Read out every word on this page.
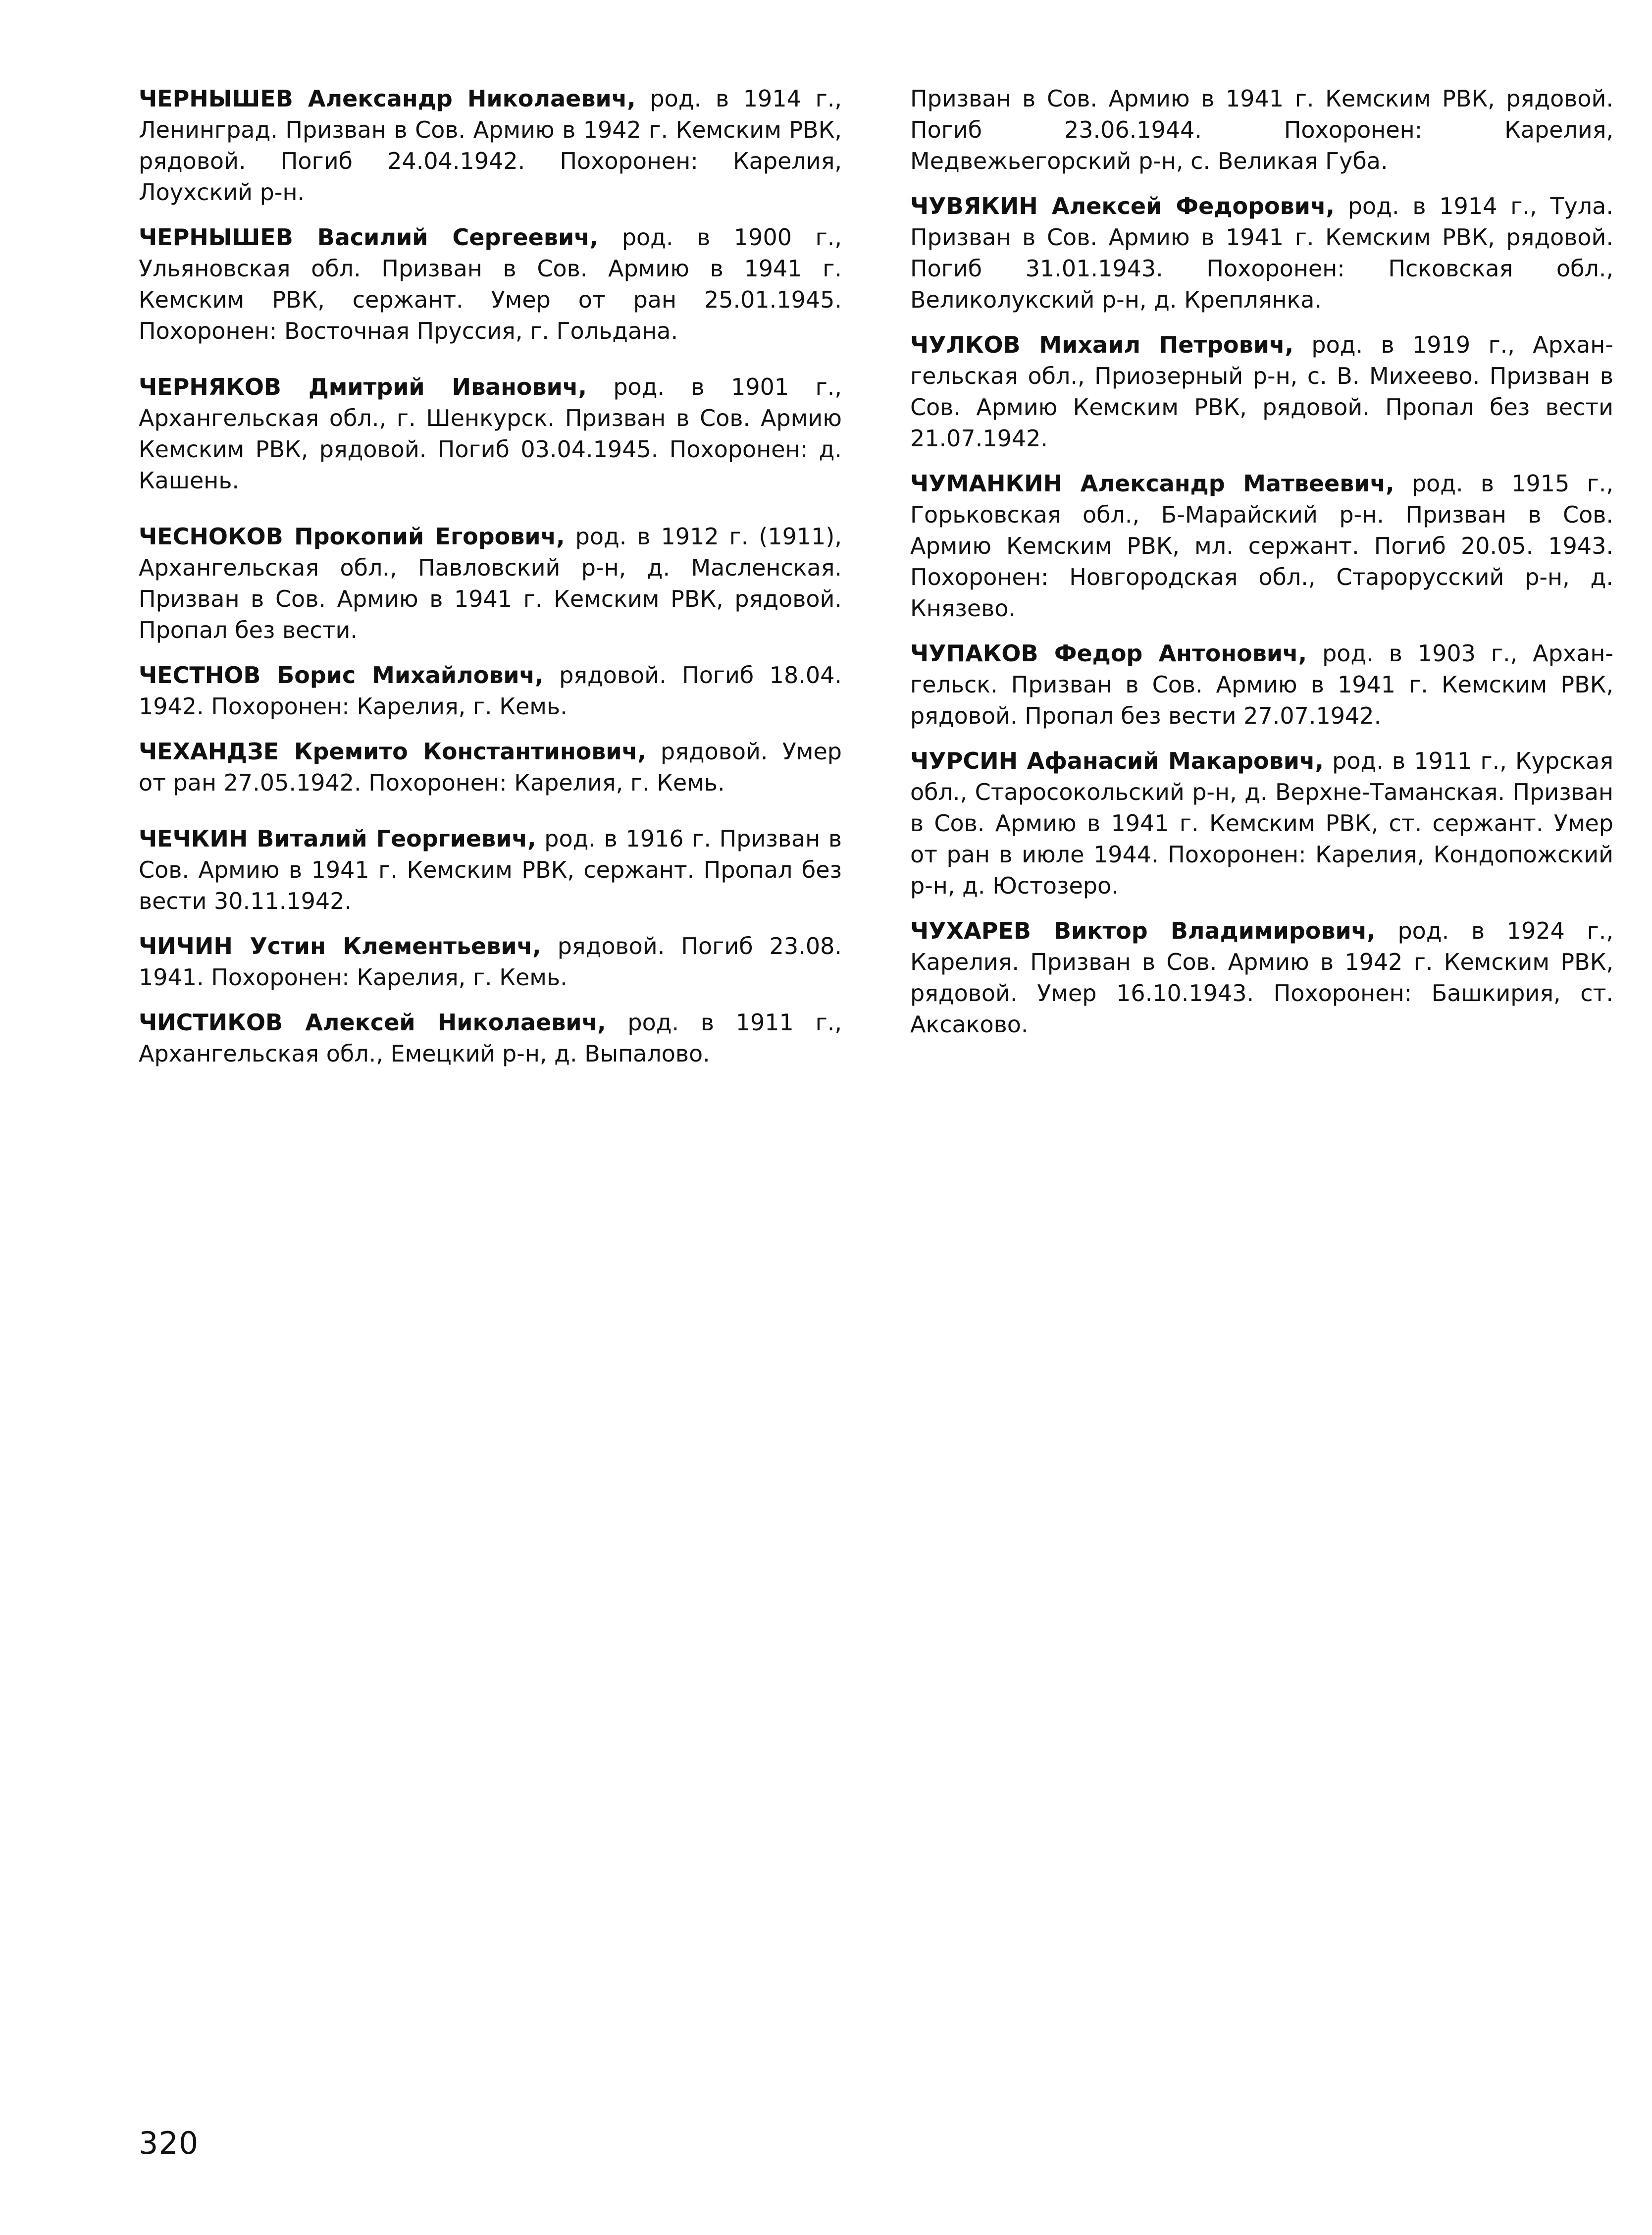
ЧЕРНЫШЕВ Александр Николаевич, род. в 1914 г., Ленинград. Призван в Сов. Армию в 1942 г. Кемским РВК, рядовой. Погиб 24.04.1942. Похоронен: Карелия, Лоухский р-н.

ЧЕРНЫШЕВ Василий Сергеевич, род. в 1900 г., Ульяновская обл. Призван в Сов. Армию в 1941 г. Кемским РВК, сержант. Умер от ран 25.01.1945. Похоронен: Восточная Пруссия, г. Гольдана.

ЧЕРНЯКОВ Дмитрий Иванович, род. в 1901 г., Архангельская обл., г. Шенкурск. Призван в Сов. Армию Кемским РВК, рядовой. Погиб 03.04.1945. Похоронен: д. Кашень.

ЧЕСНОКОВ Прокопий Егорович, род. в 1912 г. (1911), Архангельская обл., Павловский р-н, д. Масленская. Призван в Сов. Армию в 1941 г. Кемским РВК, рядовой. Пропал без вести.

ЧЕСТНОВ Борис Михайлович, рядовой. Погиб 18.04. 1942. Похоронен: Карелия, г. Кемь.

ЧЕХАНДЗЕ Кремито Константинович, рядовой. Умер от ран 27.05.1942. Похоронен: Карелия, г. Кемь.

ЧЕЧКИН Виталий Георгиевич, род. в 1916 г. Призван в Сов. Армию в 1941 г. Кемским РВК, сержант. Пропал без вести 30.11.1942.

ЧИЧИН Устин Клементьевич, рядовой. Погиб 23.08. 1941. Похоронен: Карелия, г. Кемь.

ЧИСТИКОВ Алексей Николаевич, род. в 1911 г., Архангельская обл., Емецкий р-н, д. Выпалово.

Призван в Сов. Армию в 1941 г. Кемским РВК, рядовой. Погиб 23.06.1944. Похоронен: Карелия, Медвежьегорский р-н, с. Великая Губа.

ЧУВЯКИН Алексей Федорович, род. в 1914 г., Тула. Призван в Сов. Армию в 1941 г. Кемским РВК, рядовой. Погиб 31.01.1943. Похоронен: Псковская обл., Великолукский р-н, д. Креплянка.

ЧУЛКОВ Михаил Петрович, род. в 1919 г., Архангельская обл., Приозерный р-н, с. В. Михеево. Призван в Сов. Армию Кемским РВК, рядовой. Пропал без вести 21.07.1942.

ЧУМАНКИН Александр Матвеевич, род. в 1915 г., Горьковская обл., Б-Марайский р-н. Призван в Сов. Армию Кемским РВК, мл. сержант. Погиб 20.05. 1943. Похоронен: Новгородская обл., Старорусский р-н, д. Князево.

ЧУПАКОВ Федор Антонович, род. в 1903 г., Архангельск. Призван в Сов. Армию в 1941 г. Кемским РВК, рядовой. Пропал без вести 27.07.1942.

ЧУРСИН Афанасий Макарович, род. в 1911 г., Курская обл., Старосокольский р-н, д. Верхне-Таманская. Призван в Сов. Армию в 1941 г. Кемским РВК, ст. сержант. Умер от ран в июле 1944. Похоронен: Карелия, Кондопожский р-н, д. Юстозеро.

ЧУХАРЕВ Виктор Владимирович, род. в 1924 г., Карелия. Призван в Сов. Армию в 1942 г. Кемским РВК, рядовой. Умер 16.10.1943. Похоронен: Башкирия, ст. Аксаково.

320
